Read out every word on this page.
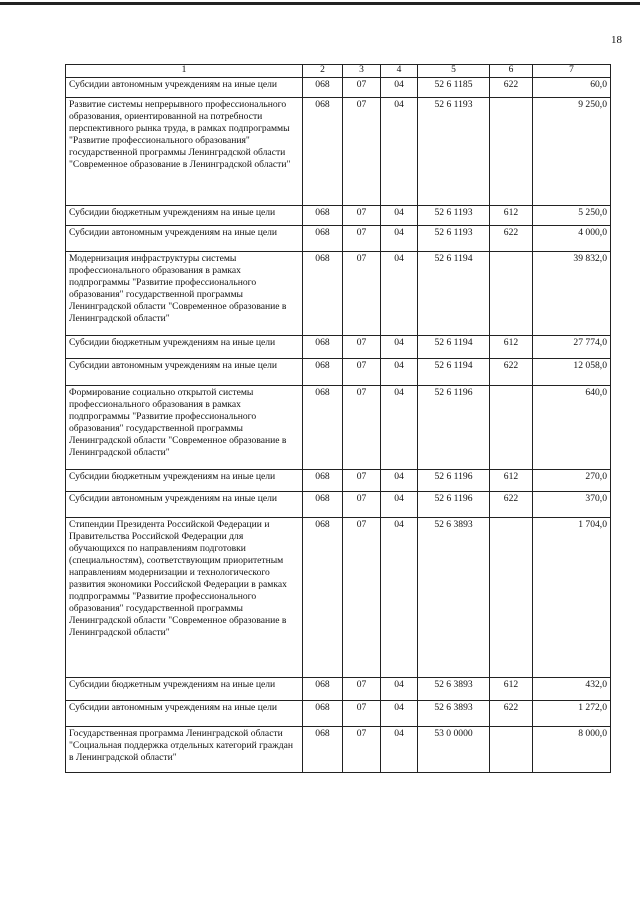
18
1	2	3	4	5	6	7
Субсидии автономным учреждениям на иные цели	068	07	04	52 6 1185	622	60,0
Развитие системы непрерывного профессионального образования, ориентированной на потребности перспективного рынка труда, в рамках подпрограммы "Развитие профессионального образования" государственной программы Ленинградской области "Современное образование в Ленинградской области"	068	07	04	52 6 1193		9 250,0
Субсидии бюджетным учреждениям на иные цели	068	07	04	52 6 1193	612	5 250,0
Субсидии автономным учреждениям на иные цели	068	07	04	52 6 1193	622	4 000,0
Модернизация инфраструктуры системы профессионального образования в рамках подпрограммы "Развитие профессионального образования" государственной программы Ленинградской области "Современное образование в Ленинградской области"	068	07	04	52 6 1194		39 832,0
Субсидии бюджетным учреждениям на иные цели	068	07	04	52 6 1194	612	27 774,0
Субсидии автономным учреждениям на иные цели	068	07	04	52 6 1194	622	12 058,0
Формирование социально открытой системы профессионального образования в рамках подпрограммы "Развитие профессионального образования" государственной программы Ленинградской области "Современное образование в Ленинградской области"	068	07	04	52 6 1196		640,0
Субсидии бюджетным учреждениям на иные цели	068	07	04	52 6 1196	612	270,0
Субсидии автономным учреждениям на иные цели	068	07	04	52 6 1196	622	370,0
Стипендии Президента Российской Федерации и Правительства Российской Федерации для обучающихся по направлениям подготовки (специальностям), соответствующим приоритетным направлениям модернизации и технологического развития экономики Российской Федерации в рамках подпрограммы "Развитие профессионального образования" государственной программы Ленинградской области "Современное образование в Ленинградской области"	068	07	04	52 6 3893		1 704,0
Субсидии бюджетным учреждениям на иные цели	068	07	04	52 6 3893	612	432,0
Субсидии автономным учреждениям на иные цели	068	07	04	52 6 3893	622	1 272,0
Государственная программа Ленинградской области "Социальная поддержка отдельных категорий граждан в Ленинградской области"	068	07	04	53 0 0000		8 000,0
